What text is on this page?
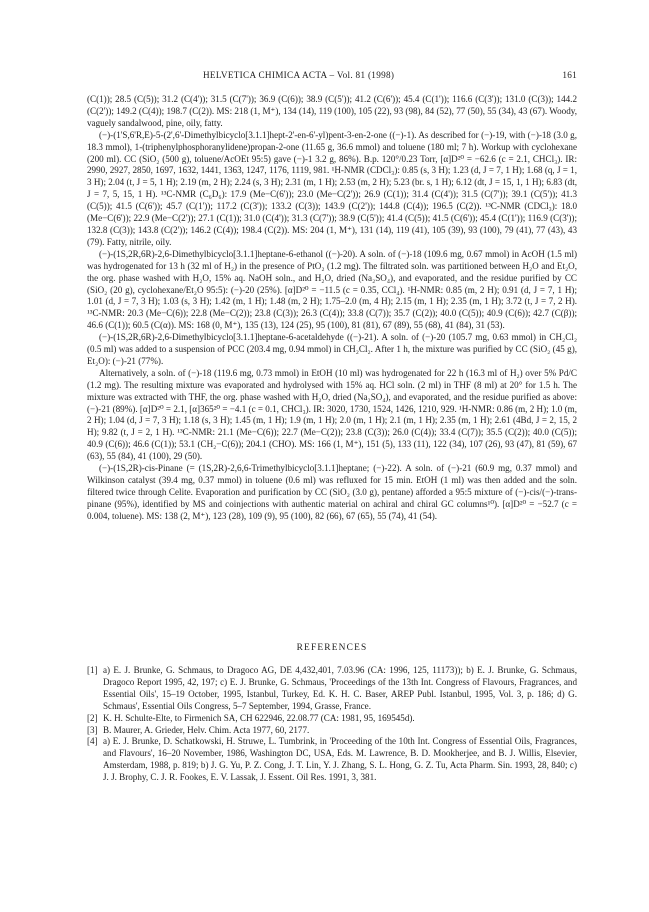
HELVETICA CHIMICA ACTA – Vol. 81 (1998)	161

(C(1)); 28.5 (C(5)); 31.2 (C(4')); 31.5 (C(7')); 36.9 (C(6)); 38.9 (C(5')); 41.2 (C(6')); 45.4 (C(1')); 116.6 (C(3')); 131.0 (C(3)); 144.2 (C(2')); 149.2 (C(4)); 198.7 (C(2)). MS: 218 (1, M⁺), 134 (14), 119 (100), 105 (22), 93 (98), 84 (52), 77 (50), 55 (34), 43 (67). Woody, vaguely sandalwood, pine, oily, fatty.

(−)-(1'S,6'R,E)-5-(2',6'-Dimethylbicyclo[3.1.1]hept-2'-en-6'-yl)pent-3-en-2-one ((−)-1). As described for (−)-19, with (−)-18 (3.0 g, 18.3 mmol), 1-(triphenylphosphoranylidene)propan-2-one (11.65 g, 36.6 mmol) and toluene (180 ml; 7 h). Workup with cyclohexane (200 ml). CC (SiO₂ (500 g), toluene/AcOEt 95:5) gave (−)-1 3.2 g, 86%). B.p. 120°/0.23 Torr, [α]D²⁰ = −62.6 (c = 2.1, CHCl₃). IR: 2990, 2927, 2850, 1697, 1632, 1441, 1363, 1247, 1176, 1119, 981. ¹H-NMR (CDCl₃): 0.85 (s, 3 H); 1.23 (d, J = 7, 1 H); 1.68 (q, J = 1, 3 H); 2.04 (t, J = 5, 1 H); 2.19 (m, 2 H); 2.24 (s, 3 H); 2.31 (m, 1 H); 2.53 (m, 2 H); 5.23 (br. s, 1 H); 6.12 (dt, J = 15, 1, 1 H); 6.83 (dt, J = 7, 5, 15, 1 H). ¹³C-NMR (C₆D₆): 17.9 (Me−C(6')); 23.0 (Me−C(2')); 26.9 (C(1)); 31.4 (C(4')); 31.5 (C(7')); 39.1 (C(5')); 41.3 (C(5)); 41.5 (C(6')); 45.7 (C(1')); 117.2 (C(3')); 133.2 (C(3)); 143.9 (C(2')); 144.8 (C(4)); 196.5 (C(2)). ¹³C-NMR (CDCl₃): 18.0 (Me−C(6')); 22.9 (Me−C(2')); 27.1 (C(1)); 31.0 (C(4')); 31.3 (C(7')); 38.9 (C(5')); 41.4 (C(5)); 41.5 (C(6')); 45.4 (C(1')); 116.9 (C(3')); 132.8 (C(3)); 143.8 (C(2')); 146.2 (C(4)); 198.4 (C(2)). MS: 204 (1, M⁺), 131 (14), 119 (41), 105 (39), 93 (100), 79 (41), 77 (43), 43 (79). Fatty, nitrile, oily.

(−)-(1S,2R,6R)-2,6-Dimethylbicyclo[3.1.1]heptane-6-ethanol ((−)-20). A soln. of (−)-18 (109.6 mg, 0.67 mmol) in AcOH (1.5 ml) was hydrogenated for 13 h (32 ml of H₂) in the presence of PtO₂ (1.2 mg). The filtrated soln. was partitioned between H₂O and Et₂O, the org. phase washed with H₂O, 15% aq. NaOH soln., and H₂O, dried (Na₂SO₄), and evaporated, and the residue purified by CC (SiO₂ (20 g), cyclohexane/Et₂O 95:5): (−)-20 (25%). [α]D²⁰ = −11.5 (c = 0.35, CCl₄). ¹H-NMR: 0.85 (m, 2 H); 0.91 (d, J = 7, 1 H); 1.01 (d, J = 7, 3 H); 1.03 (s, 3 H); 1.42 (m, 1 H); 1.48 (m, 2 H); 1.75–2.0 (m, 4 H); 2.15 (m, 1 H); 2.35 (m, 1 H); 3.72 (t, J = 7, 2 H). ¹³C-NMR: 20.3 (Me−C(6)); 22.8 (Me−C(2)); 23.8 (C(3)); 26.3 (C(4)); 33.8 (C(7)); 35.7 (C(2)); 40.0 (C(5)); 40.9 (C(6)); 42.7 (C(β)); 46.6 (C(1)); 60.5 (C(α)). MS: 168 (0, M⁺), 135 (13), 124 (25), 95 (100), 81 (81), 67 (89), 55 (68), 41 (84), 31 (53).

(−)-(1S,2R,6R)-2,6-Dimethylbicyclo[3.1.1]heptane-6-acetaldehyde ((−)-21). A soln. of (−)-20 (105.7 mg, 0.63 mmol) in CH₂Cl₂ (0.5 ml) was added to a suspension of PCC (203.4 mg, 0.94 mmol) in CH₂Cl₂. After 1 h, the mixture was purified by CC (SiO₂ (45 g), Et₂O): (−)-21 (77%).

Alternatively, a soln. of (−)-18 (119.6 mg, 0.73 mmol) in EtOH (10 ml) was hydrogenated for 22 h (16.3 ml of H₂) over 5% Pd/C (1.2 mg). The resulting mixture was evaporated and hydrolysed with 15% aq. HCl soln. (2 ml) in THF (8 ml) at 20° for 1.5 h. The mixture was extracted with THF, the org. phase washed with H₂O, dried (Na₂SO₄), and evaporated, and the residue purified as above: (−)-21 (89%). [α]D²⁰ = 2.1, [α]365²⁰ = −4.1 (c = 0.1, CHCl₃). IR: 3020, 1730, 1524, 1426, 1210, 929. ¹H-NMR: 0.86 (m, 2 H); 1.0 (m, 2 H); 1.04 (d, J = 7, 3 H); 1.18 (s, 3 H); 1.45 (m, 1 H); 1.9 (m, 1 H); 2.0 (m, 1 H); 2.1 (m, 1 H); 2.35 (m, 1 H); 2.61 (4Bd, J = 2, 15, 2 H); 9.82 (t, J = 2, 1 H). ¹³C-NMR: 21.1 (Me−C(6)); 22.7 (Me−C(2)); 23.8 (C(3)); 26.0 (C(4)); 33.4 (C(7)); 35.5 (C(2)); 40.0 (C(5)); 40.9 (C(6)); 46.6 (C(1)); 53.1 (CH₂−C(6)); 204.1 (CHO). MS: 166 (1, M⁺), 151 (5), 133 (11), 122 (34), 107 (26), 93 (47), 81 (59), 67 (63), 55 (84), 41 (100), 29 (50).

(−)-(1S,2R)-cis-Pinane (= (1S,2R)-2,6,6-Trimethylbicyclo[3.1.1]heptane; (−)-22). A soln. of (−)-21 (60.9 mg, 0.37 mmol) and Wilkinson catalyst (39.4 mg, 0.37 mmol) in toluene (0.6 ml) was refluxed for 15 min. EtOH (1 ml) was then added and the soln. filtered twice through Celite. Evaporation and purification by CC (SiO₂ (3.0 g), pentane) afforded a 95:5 mixture of (−)-cis/(−)-trans-pinane (95%), identified by MS and coinjections with authentic material on achiral and chiral GC columns¹⁰). [α]D²⁰ = −52.7 (c = 0.004, toluene). MS: 138 (2, M⁺), 123 (28), 109 (9), 95 (100), 82 (66), 67 (65), 55 (74), 41 (54).

REFERENCES

[1] a) E. J. Brunke, G. Schmaus, to Dragoco AG, DE 4,432,401, 7.03.96 (CA: 1996, 125, 11173)); b) E. J. Brunke, G. Schmaus, Dragoco Report 1995, 42, 197; c) E. J. Brunke, G. Schmaus, 'Proceedings of the 13th Int. Congress of Flavours, Fragrances, and Essential Oils', 15–19 October, 1995, Istanbul, Turkey, Ed. K. H. C. Baser, AREP Publ. Istanbul, 1995, Vol. 3, p. 186; d) G. Schmaus', Essential Oils Congress, 5–7 September, 1994, Grasse, France.

[2] K. H. Schulte-Elte, to Firmenich SA, CH 622946, 22.08.77 (CA: 1981, 95, 169545d).

[3] B. Maurer, A. Grieder, Helv. Chim. Acta 1977, 60, 2177.

[4] a) E. J. Brunke, D. Schatkowski, H. Struwe, L. Tumbrink, in 'Proceeding of the 10th Int. Congress of Essential Oils, Fragrances, and Flavours', 16–20 November, 1986, Washington DC, USA, Eds. M. Lawrence, B. D. Mookherjee, and B. J. Willis, Elsevier, Amsterdam, 1988, p. 819; b) J. G. Yu, P. Z. Cong, J. T. Lin, Y. J. Zhang, S. L. Hong, G. Z. Tu, Acta Pharm. Sin. 1993, 28, 840; c) J. J. Brophy, C. J. R. Fookes, E. V. Lassak, J. Essent. Oil Res. 1991, 3, 381.
